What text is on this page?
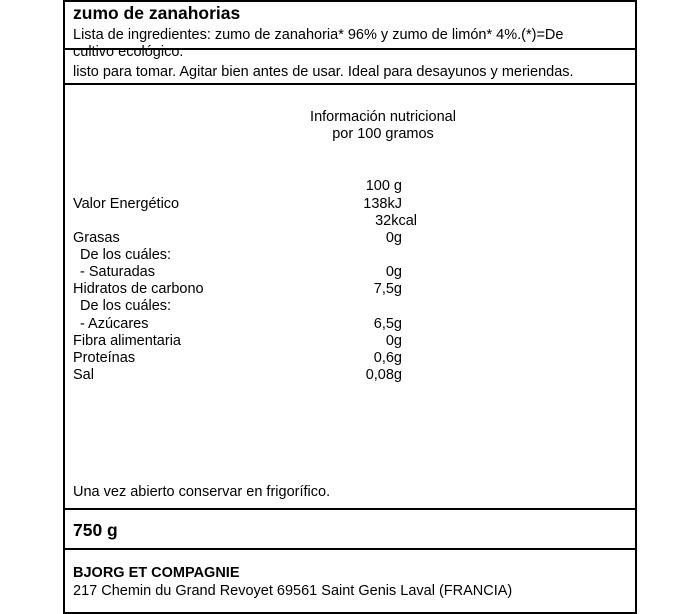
zumo de zanahorias
Lista de ingredientes: zumo de zanahoria* 96% y zumo de limón* 4%.(*)=De
cultivo ecológico.
listo para tomar. Agitar bien antes de usar. Ideal para desayunos y meriendas.
Información nutricional
por 100 gramos
100 g
Valor Energético	138kJ
32kcal
Grasas	0g
De los cuáles:
- Saturadas	0g
Hidratos de carbono	7,5g
De los cuáles:
- Azúcares	6,5g
Fibra alimentaria	0g
Proteínas	0,6g
Sal	0,08g
Una vez abierto conservar en frigorífico.
750 g
BJORG ET COMPAGNIE
217 Chemin du Grand Revoyet 69561 Saint Genis Laval (FRANCIA)
